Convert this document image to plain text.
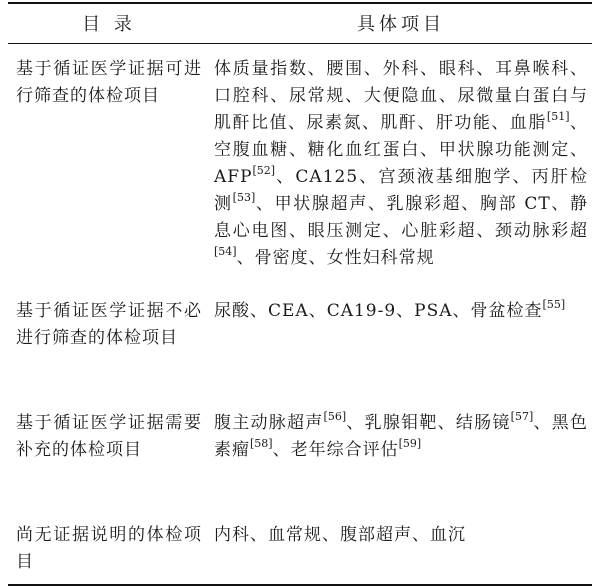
目 录	具体项目
基于循证医学证据可进行筛查的体检项目	体质量指数、腰围、外科、眼科、耳鼻喉科、口腔科、尿常规、大便隐血、尿微量白蛋白与肌酐比值、尿素氮、肌酐、肝功能、血脂[51]、空腹血糖、糖化血红蛋白、甲状腺功能测定、AFP[52]、CA125、宫颈液基细胞学、丙肝检测[53]、甲状腺超声、乳腺彩超、胸部 CT、静息心电图、眼压测定、心脏彩超、颈动脉彩超[54]、骨密度、女性妇科常规
基于循证医学证据不必进行筛查的体检项目	尿酸、CEA、CA19-9、PSA、骨盆检查[55]
基于循证医学证据需要补充的体检项目	腹主动脉超声[56]、乳腺钼靶、结肠镜[57]、黑色素瘤[58]、老年综合评估[59]
尚无证据说明的体检项目	内科、血常规、腹部超声、血沉
